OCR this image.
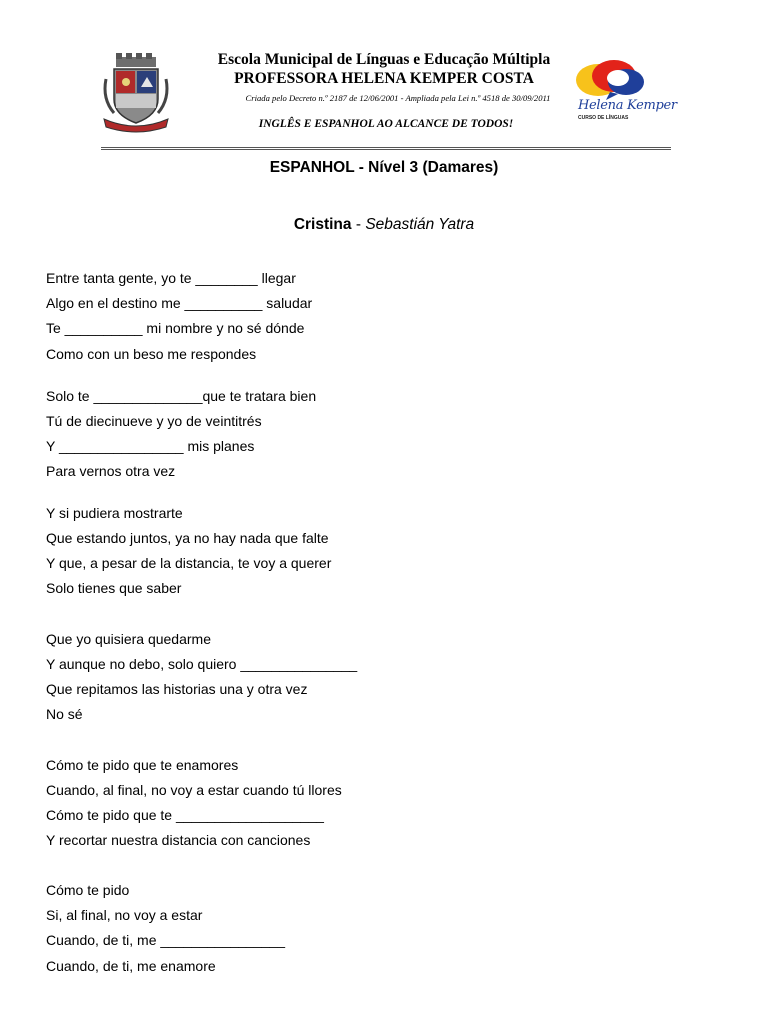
Escola Municipal de Línguas e Educação Múltipla
PROFESSORA HELENA KEMPER COSTA
Criada pelo Decreto n.º 2187 de 12/06/2001 - Ampliada pela Lei n.º 4518 de 30/09/2011
INGLÊS E ESPANHOL AO ALCANCE DE TODOS!
Helena Kemper
CURSO DE LÍNGUAS
ESPANHOL - Nível 3 (Damares)
Cristina - Sebastián Yatra
Entre tanta gente, yo te ________ llegar
Algo en el destino me __________ saludar
Te __________ mi nombre y no sé dónde
Como con un beso me respondes
Solo te ______________que te tratara bien
Tú de diecinueve y yo de veintitrés
Y ________________ mis planes
Para vernos otra vez
Y si pudiera mostrarte
Que estando juntos, ya no hay nada que falte
Y que, a pesar de la distancia, te voy a querer
Solo tienes que saber
Que yo quisiera quedarme
Y aunque no debo, solo quiero _______________
Que repitamos las historias una y otra vez
No sé
Cómo te pido que te enamores
Cuando, al final, no voy a estar cuando tú llores
Cómo te pido que te ___________________
Y recortar nuestra distancia con canciones
Cómo te pido
Si, al final, no voy a estar
Cuando, de ti, me ________________
Cuando, de ti, me enamore
